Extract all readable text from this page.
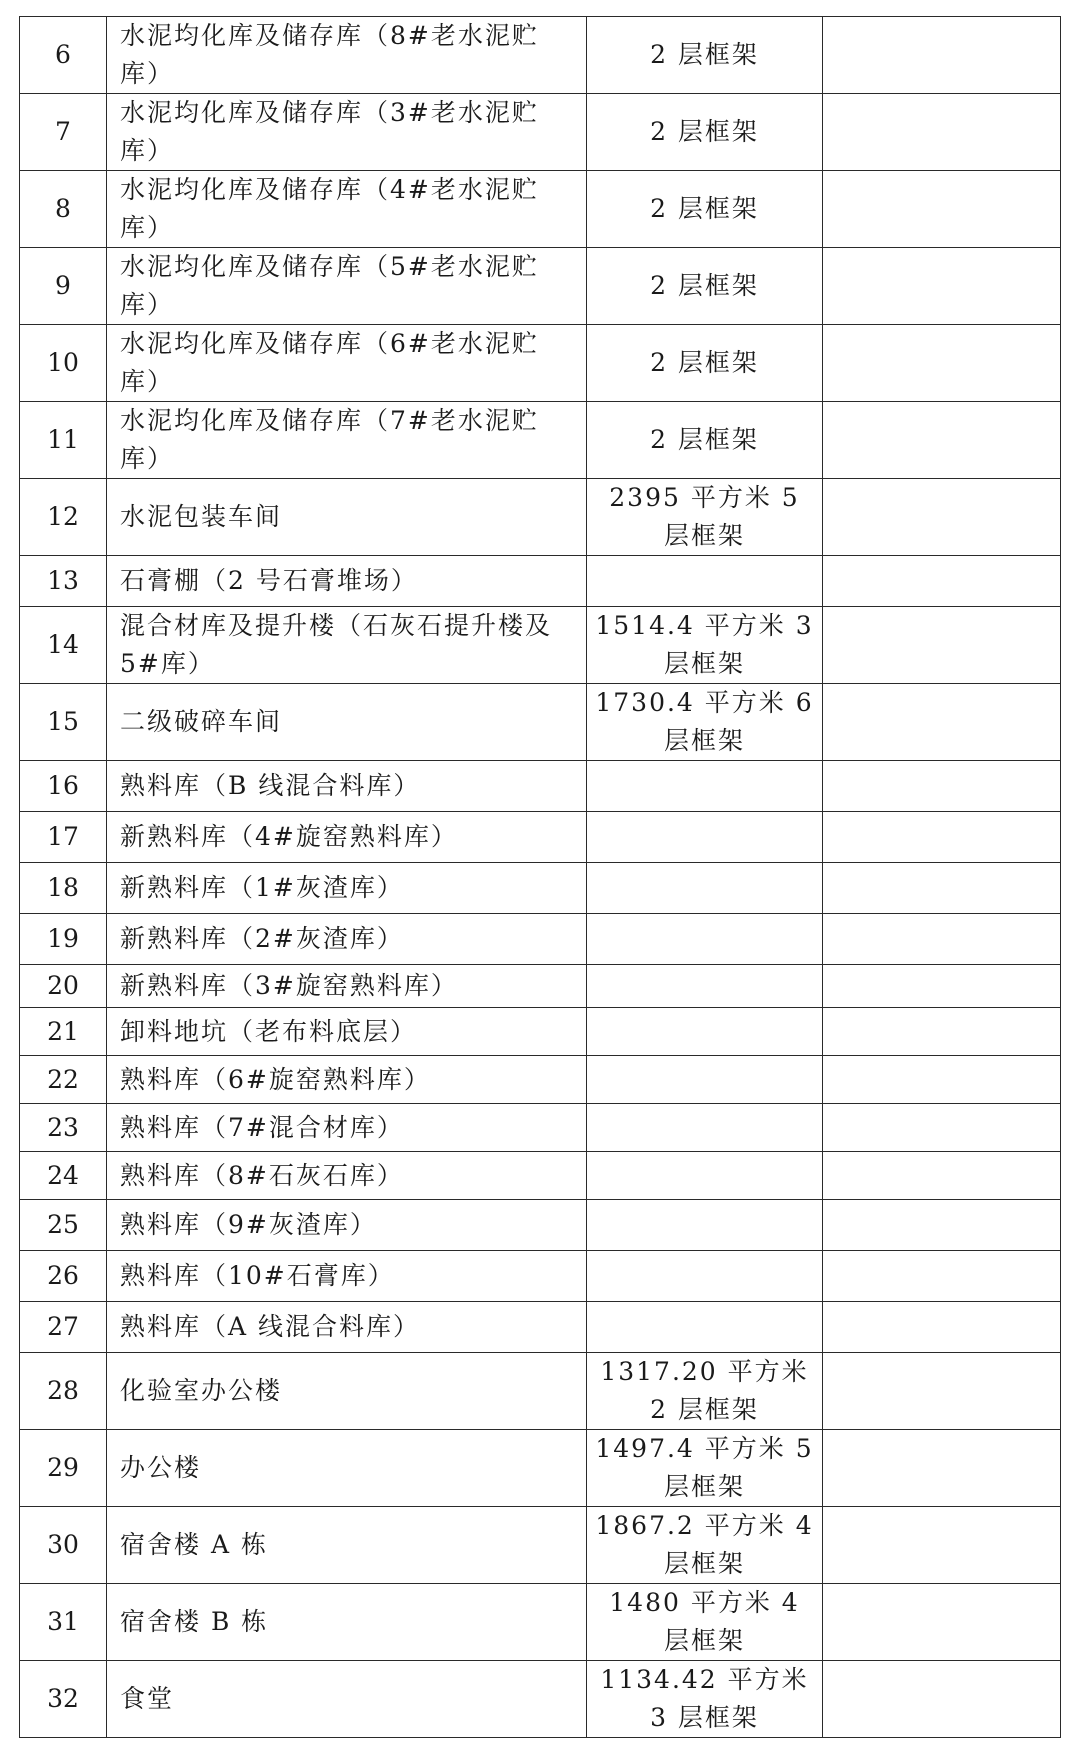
6	水泥均化库及储存库（8#老水泥贮库）	2 层框架	
7	水泥均化库及储存库（3#老水泥贮库）	2 层框架	
8	水泥均化库及储存库（4#老水泥贮库）	2 层框架	
9	水泥均化库及储存库（5#老水泥贮库）	2 层框架	
10	水泥均化库及储存库（6#老水泥贮库）	2 层框架	
11	水泥均化库及储存库（7#老水泥贮库）	2 层框架	
12	水泥包装车间	2395 平方米 5 层框架	
13	石膏棚（2 号石膏堆场）		
14	混合材库及提升楼（石灰石提升楼及5#库）	1514.4 平方米 3 层框架	
15	二级破碎车间	1730.4 平方米 6 层框架	
16	熟料库（B 线混合料库）		
17	新熟料库（4#旋窑熟料库）		
18	新熟料库（1#灰渣库）		
19	新熟料库（2#灰渣库）		
20	新熟料库（3#旋窑熟料库）		
21	卸料地坑（老布料底层）		
22	熟料库（6#旋窑熟料库）		
23	熟料库（7#混合材库）		
24	熟料库（8#石灰石库）		
25	熟料库（9#灰渣库）		
26	熟料库（10#石膏库）		
27	熟料库（A 线混合料库）		
28	化验室办公楼	1317.20 平方米 2 层框架	
29	办公楼	1497.4 平方米 5 层框架	
30	宿舍楼 A 栋	1867.2 平方米 4 层框架	
31	宿舍楼 B 栋	1480 平方米 4 层框架	
32	食堂	1134.42 平方米 3 层框架	
